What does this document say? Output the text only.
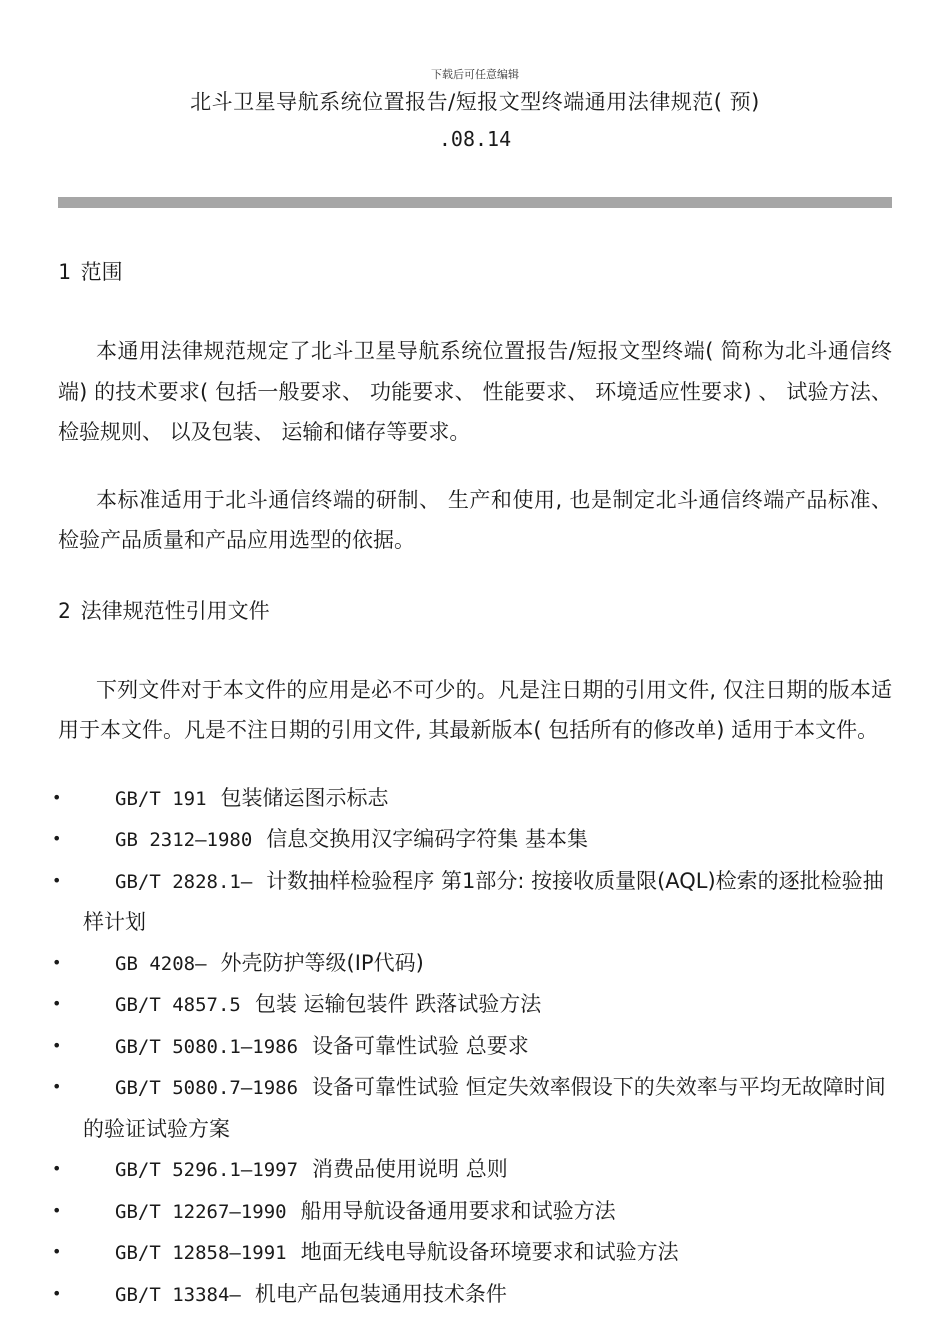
下载后可任意编辑
北斗卫星导航系统位置报告/短报文型终端通用法律规范( 预)
.08.14
1 范围

本通用法律规范规定了北斗卫星导航系统位置报告/短报文型终端( 简称为北斗通信终端) 的技术要求( 包括一般要求、 功能要求、 性能要求、 环境适应性要求) 、 试验方法、 检验规则、 以及包装、 运输和储存等要求。

本标准适用于北斗通信终端的研制、 生产和使用, 也是制定北斗通信终端产品标准、 检验产品质量和产品应用选型的依据。

2 法律规范性引用文件

下列文件对于本文件的应用是必不可少的。凡是注日期的引用文件, 仅注日期的版本适用于本文件。凡是不注日期的引用文件, 其最新版本( 包括所有的修改单) 适用于本文件。

•	GB/T 191 包装储运图示标志
•	GB 2312—1980 信息交换用汉字编码字符集 基本集
•	GB/T 2828.1— 计数抽样检验程序 第1部分: 按接收质量限(AQL)检索的逐批检验抽样计划
•	GB 4208— 外壳防护等级(IP代码)
•	GB/T 4857.5 包装 运输包装件 跌落试验方法
•	GB/T 5080.1—1986 设备可靠性试验 总要求
•	GB/T 5080.7—1986 设备可靠性试验 恒定失效率假设下的失效率与平均无故障时间的验证试验方案
•	GB/T 5296.1—1997 消费品使用说明 总则
•	GB/T 12267—1990 船用导航设备通用要求和试验方法
•	GB/T 12858—1991 地面无线电导航设备环境要求和试验方法
•	GB/T 13384— 机电产品包装通用技术条件
